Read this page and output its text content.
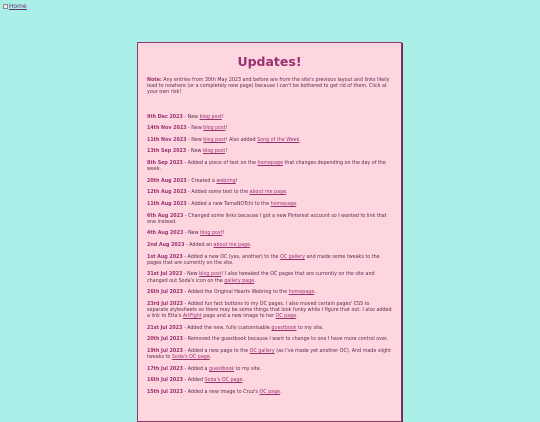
Home
Updates!

Note: Any entries from 30th May 2023 and before are from the site's previous layout and links likely lead to nowhere (or a completely new page) because I can't be bothered to get rid of them. Click at your own risk!

9th Dec 2023 - New blog post!

14th Nov 2023 - New blog post!

11th Nov 2023 - New blog post! Also added Song of the Week.

13th Sep 2023 - New blog post!

8th Sep 2023 - Added a piece of text on the homepage that changes depending on the day of the week.

20th Aug 2023 - Created a webring!

12th Aug 2023 - Added some text to the about me page.

11th Aug 2023 - Added a new TamaNOTchi to the homepage.

6th Aug 2023 - Changed some links because I got a new Pinterest account so I wanted to link that one instead.

4th Aug 2023 - New blog post!

2nd Aug 2023 - Added an about me page.

1st Aug 2023 - Added a new OC (yes, another) to the OC gallery and made some tweaks to the pages that are currently on the site.

31st Jul 2023 - New blog post! I also tweaked the OC pages that are currently on the site and changed out Soda's icon on the gallery page.

26th Jul 2023 - Added the Original Hearts Webring to the homepage.

23rd Jul 2023 - Added fun fact buttons to my OC pages. I also moved certain pages' CSS to separate stylesheets so there may be some things that look funky while I figure that out. I also added a link to Etta's ArtFight page and a new image to her OC page.

21st Jul 2023 - Added the new, fully customisable guestbook to my site.

20th Jul 2023 - Removed the guestbook because I want to change to one I have more control over.

19th Jul 2023 - Added a new page to the OC gallery (as I've made yet another OC). And made slight tweaks to Soda's OC page.

17th Jul 2023 - Added a guestbook to my site.

16th Jul 2023 - Added Soda's OC page.

15th Jul 2023 - Added a new image to Cruz's OC page.
